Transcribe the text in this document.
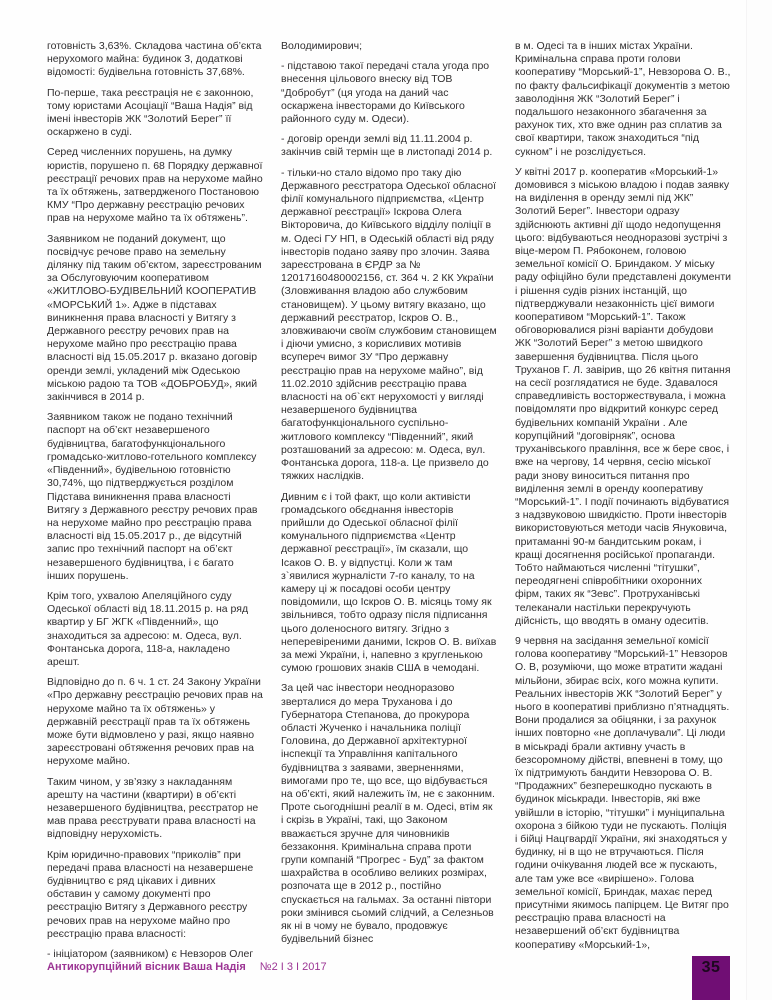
готовність 3,63%. Складова частина об’єкта нерухомого майна: будинок 3, додаткові відомості: будівельна готовність 37,68%.

По-перше, така реєстрація не є законною, тому юристами Асоціації “Ваша Надія” від імені інвесторів ЖК “Золотий Берег” її оскаржено в суді.

Серед численних порушень, на думку юристів, порушено п. 68 Порядку державної реєстрації речових прав на нерухоме майно та їх обтяжень, затвердженого Постановою КМУ “Про державну реєстрацію речових прав на нерухоме майно та їх обтяжень”.

Заявником не поданий документ, що посвідчує речове право на земельну ділянку під таким об’єктом, зареєстрованим за Обслуговуючим кооперативом «ЖИТЛОВО-БУДІВЕЛЬНИЙ КООПЕРАТИВ «МОРСЬКИЙ 1». Адже в підставах виникнення права власності у Витягу з Державного реєстру речових прав на нерухоме майно про реєстрацію права власності від 15.05.2017 р. вказано договір оренди землі, укладений між Одеською міською радою та ТОВ «ДОБРОБУД», який закінчився в 2014 р.

Заявником також не подано технічний паспорт на об’єкт незавершеного будівництва, багатофункціонального громадсько-житлово-готельного комплексу «Південний», будівельною готовністю 30,74%, що підтверджується розділом Підстава виникнення права власності Витягу з Державного реєстру речових прав на нерухоме майно про реєстрацію права власності від 15.05.2017 р., де відсутній запис про технічний паспорт на об’єкт незавершеного будівництва, і є багато інших порушень.

Крім того, ухвалою Апеляційного суду Одеської області від 18.11.2015 р. на ряд квартир у БГ ЖГК «Південний», що знаходиться за адресою: м. Одеса, вул. Фонтанська дорога, 118-а, накладено арешт.

Відповідно до п. 6 ч. 1 ст. 24 Закону України «Про державну реєстрацію речових прав на нерухоме майно та їх обтяжень» у державній реєстрації прав та їх обтяжень може бути відмовлено у разі, якщо наявно зареєстровані обтяження речових прав на нерухоме майно.

Таким чином, у зв’язку з накладанням арешту на частини (квартири) в об’єкті незавершеного будівництва, реєстратор не мав права реєструвати права власності на відповідну нерухомість.

Крім юридично-правових “приколів” при передачі права власності на незавершене будівництво є ряд цікавих і дивних обставин у самому документі про реєстрацію Витягу з Державного реєстру речових прав на нерухоме майно про реєстрацію права власності:

- ініціатором (заявником) є Невзоров Олег

Володимирович;

- підставою такої передачі стала угода про внесення цільового внеску від ТОВ “Добробут” (ця угода на даний час оскаржена інвесторами до Київського районного суду м. Одеси).

- договір оренди землі від 11.11.2004 р. закінчив свій термін ще в листопаді 2014 р.

- тільки-но стало відомо про таку дію Державного реєстратора Одеської обласної філії комунального підприємства, «Центр державної реєстрації» Іскрова Олега Вікторовича, до Київського відділу поліції в м. Одесі ГУ НП, в Одеській області від ряду інвесторів подано заяву про злочин. Заява зареєстрована в ЄРДР за № 12017160480002156, ст. 364 ч. 2 КК України (Зловживання владою або службовим становищем). У цьому витягу вказано, що державний реєстратор, Іскров О. В., зловживаючи своїм службовим становищем і діючи умисно, з корисливих мотивів всупереч вимог ЗУ “Про державну реєстрацію прав на нерухоме майно”, від 11.02.2010 здійснив реєстрацію права власності на об`єкт нерухомості у вигляді незавершеного будівництва багатофункціонального суспільно-житлового комплексу “Південний”, який розташований за адресою: м. Одеса, вул. Фонтанська дорога, 118-а. Це призвело до тяжких наслідків.

Дивним є і той факт, що коли активісти громадського обєднання інвесторів прийшли до Одеської обласної філії комунального підприємства «Центр державної реєстрації», їм сказали, що Ісаков О. В. у відпустці. Коли ж там з`явилися журналісти 7-го каналу, то на камеру ці ж посадові особи центру повідомили, що Іскров О. В. місяць тому як звільнився, тобто одразу після підписання цього доленосного витягу. Згідно з неперевіреними даними, Іскров О. В. виїхав за межі України, і, напевно з кругленькою сумою грошових знаків США в чемодані.

За цей час інвестори неодноразово зверталися до мера Труханова і до Губернатора Степанова, до прокурора області Жученко і начальника поліції Головина, до Державної архітектурної інспекції та Управління капітального будівництва з заявами, зверненнями, вимогами про те, що все, що відбувається на об’єкті, який належить їм, не є законним. Проте сьогоднішні реалії в м. Одесі, втім як і скрізь в Україні, такі, що Законом вважається зручне для чиновників беззаконня. Кримінальна справа проти групи компаній “Прогрес - Буд” за фактом шахрайства в особливо великих розмірах, розпочата ще в 2012 р., постійно спускається на гальмах. За останні півтори роки змінився сьомий слідчий, а Селезньов як ні в чому не бувало, продовжує будівельний бізнес

в м. Одесі та в інших містах України. Кримінальна справа проти голови кооперативу “Морський-1”, Невзорова О. В., по факту фальсифікації документів з метою заволодіння ЖК “Золотий Берег” і подальшого незаконного збагачення за рахунок тих, хто вже однин раз сплатив за свої квартири, також знаходиться “під сукном” і не розслідується.

У квітні 2017 р. кооператив «Морський-1» домовився з міською владою і подав заявку на виділення в оренду землі під ЖК” Золотий Берег”. Інвестори одразу здійснюють активні дії щодо недопущення цього: відбуваються неодноразові зустрічі з віце-мером П. Рябоконем, головою земельної комісії О. Бриндаком. У міську раду офіційно були представлені документи і рішення судів різних інстанцій, що підтверджували незаконність цієї вимоги кооперативом “Морський-1”. Також обговорювалися різні варіанти добудови ЖК “Золотий Берег” з метою швидкого завершення будівництва. Після цього Труханов Г. Л. завірив, що 26 квітня питання на сесії розглядатися не буде. Здавалося справедливість восторжествувала, і можна повідомляти про відкритий конкурс серед будівельних компаній України . Але корупційний “договірняк”, основа труханівського правління, все ж бере своє, і вже на чергову, 14 червня, сесію міської ради знову виноситься питання про виділення землі в оренду кооперативу “Морський-1”. І події починають відбуватися з надзвуковою швидкістю. Проти інвесторів використовуються методи часів Януковича, притаманні 90-м бандитським рокам, і кращі досягнення російської пропаганди. Тобто наймаються численні “тітушки”, переодягнені співробітники охоронних фірм, таких як “Зевс”. Протруханівські телеканали настільки перекручують дійсність, що вводять в оману одеситів.

9 червня на засідання земельної комісії голова кооперативу “Морський-1” Невзоров О. В, розуміючи, що може втратити жадані мільйони, збирає всіх, кого можна купити. Реальних інвесторів ЖК “Золотий Берег” у нього в кооперативі приблизно п’ятнадцять. Вони продалися за обіцянки, і за рахунок інших повторно «не доплачували”. Ці люди в міськраді брали активну участь в безсоромному дійстві, впевнені в тому, що їх підтримують бандити Невзорова О. В. “Продажних” безперешкодно пускають в будинок міськради. Інвесторів, які вже увійшли в історію, “тітушки” і муніципальна охорона з бійкою туди не пускають. Поліція і бійці Нацгвардії України, які знаходяться у будинку, ні в що не втручаються. Після години очікування людей все ж пускають, але там уже все «вирішено». Голова земельної комісії, Бриндак, махає перед присутніми якимось папірцем. Це Витяг про реєстрацію права власності на незавершений об’єкт будівництва кооперативу «Морський-1»,

Антикорупційний вісник Ваша Надія №2 І 3 І 2017	35
